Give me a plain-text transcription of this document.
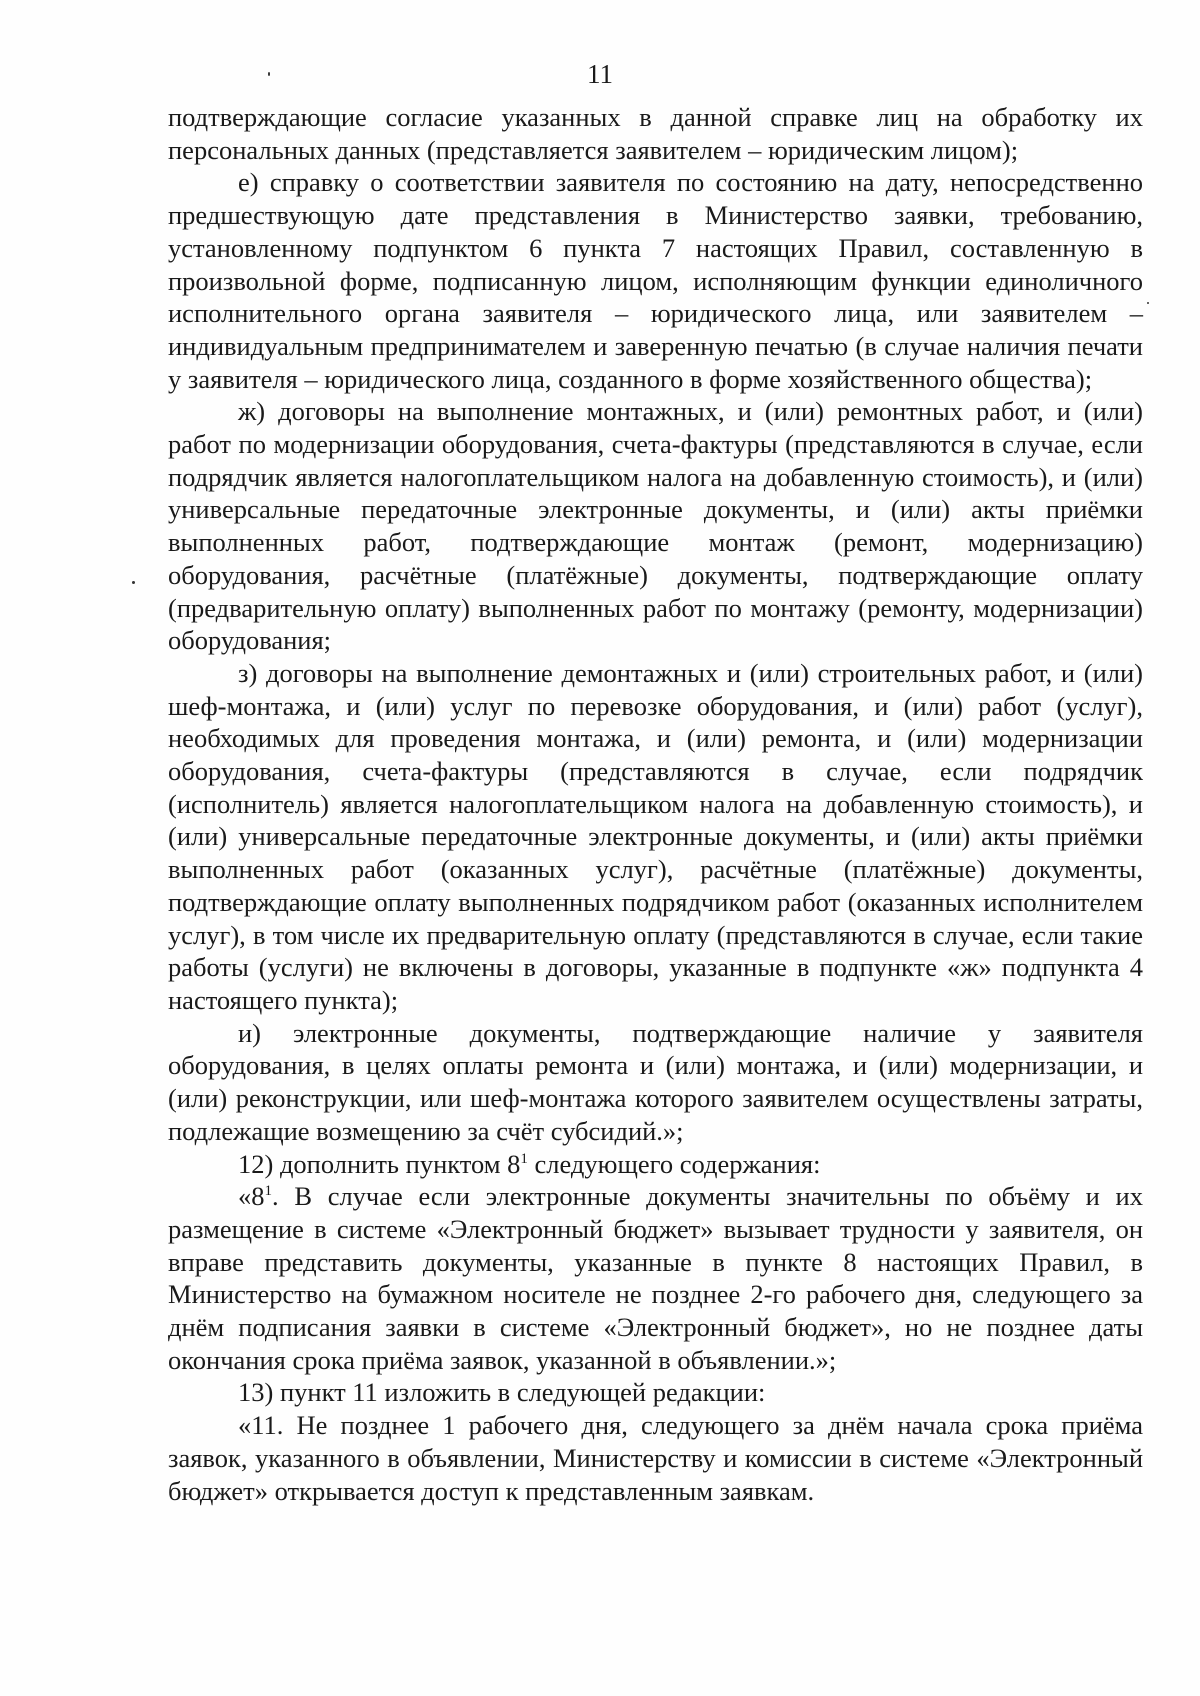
11

подтверждающие согласие указанных в данной справке лиц на обработку их персональных данных (представляется заявителем – юридическим лицом);

е) справку о соответствии заявителя по состоянию на дату, непосредственно предшествующую дате представления в Министерство заявки, требованию, установленному подпунктом 6 пункта 7 настоящих Правил, составленную в произвольной форме, подписанную лицом, исполняющим функции единоличного исполнительного органа заявителя – юридического лица, или заявителем – индивидуальным предпринимателем и заверенную печатью (в случае наличия печати у заявителя – юридического лица, созданного в форме хозяйственного общества);

ж) договоры на выполнение монтажных, и (или) ремонтных работ, и (или) работ по модернизации оборудования, счета-фактуры (представляются в случае, если подрядчик является налогоплательщиком налога на добавленную стоимость), и (или) универсальные передаточные электронные документы, и (или) акты приёмки выполненных работ, подтверждающие монтаж (ремонт, модернизацию) оборудования, расчётные (платёжные) документы, подтверждающие оплату (предварительную оплату) выполненных работ по монтажу (ремонту, модернизации) оборудования;

з) договоры на выполнение демонтажных и (или) строительных работ, и (или) шеф-монтажа, и (или) услуг по перевозке оборудования, и (или) работ (услуг), необходимых для проведения монтажа, и (или) ремонта, и (или) модернизации оборудования, счета-фактуры (представляются в случае, если подрядчик (исполнитель) является налогоплательщиком налога на добавленную стоимость), и (или) универсальные передаточные электронные документы, и (или) акты приёмки выполненных работ (оказанных услуг), расчётные (платёжные) документы, подтверждающие оплату выполненных подрядчиком работ (оказанных исполнителем услуг), в том числе их предварительную оплату (представляются в случае, если такие работы (услуги) не включены в договоры, указанные в подпункте «ж» подпункта 4 настоящего пункта);

и) электронные документы, подтверждающие наличие у заявителя оборудования, в целях оплаты ремонта и (или) монтажа, и (или) модернизации, и (или) реконструкции, или шеф-монтажа которого заявителем осуществлены затраты, подлежащие возмещению за счёт субсидий.»;

12) дополнить пунктом $8^1$ следующего содержания:

«$8^1$. В случае если электронные документы значительны по объёму и их размещение в системе «Электронный бюджет» вызывает трудности у заявителя, он вправе представить документы, указанные в пункте 8 настоящих Правил, в Министерство на бумажном носителе не позднее 2-го рабочего дня, следующего за днём подписания заявки в системе «Электронный бюджет», но не позднее даты окончания срока приёма заявок, указанной в объявлении.»;

13) пункт 11 изложить в следующей редакции:

«11. Не позднее 1 рабочего дня, следующего за днём начала срока приёма заявок, указанного в объявлении, Министерству и комиссии в системе «Электронный бюджет» открывается доступ к представленным заявкам.
